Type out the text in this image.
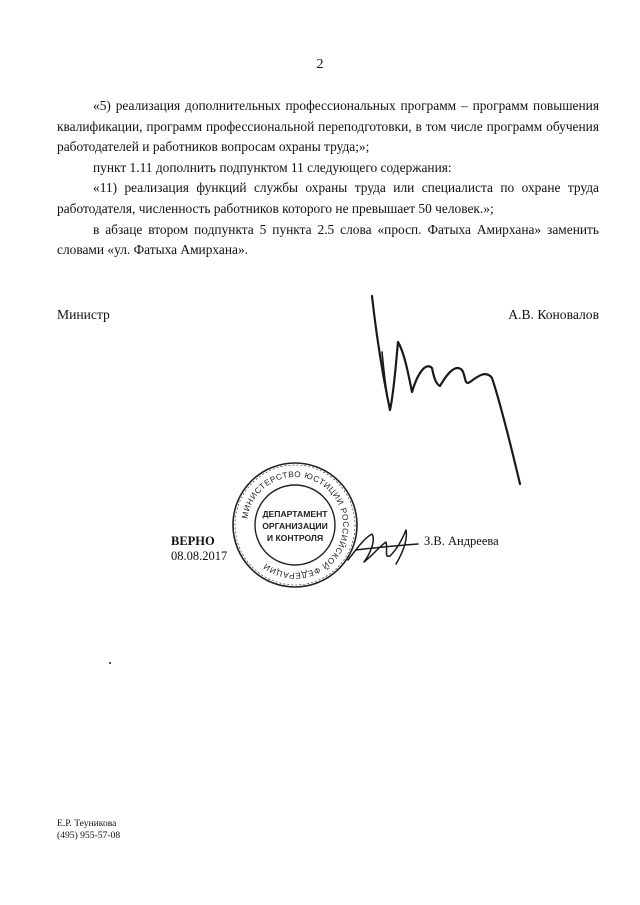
2

«5) реализация дополнительных профессиональных программ – программ повышения квалификации, программ профессиональной переподготовки, в том числе программ обучения работодателей и работников вопросам охраны труда;»;

пункт 1.11 дополнить подпунктом 11 следующего содержания:

«11) реализация функций службы охраны труда или специалиста по охране труда работодателя, численность работников которого не превышает 50 человек.»;

в абзаце втором подпункта 5 пункта 2.5 слова «просп. Фатыха Амирхана» заменить словами «ул. Фатыха Амирхана».

Министр	А.В. Коновалов
МИНИСТЕРСТВО ЮСТИЦИИ РОССИЙСКОЙ ФЕДЕРАЦИИ
ДЕПАРТАМЕНТ
ОРГАНИЗАЦИИ
И КОНТРОЛЯ
ВЕРНО
08.08.2017
З.В. Андреева
Е.Р. Теуникова
(495) 955-57-08
